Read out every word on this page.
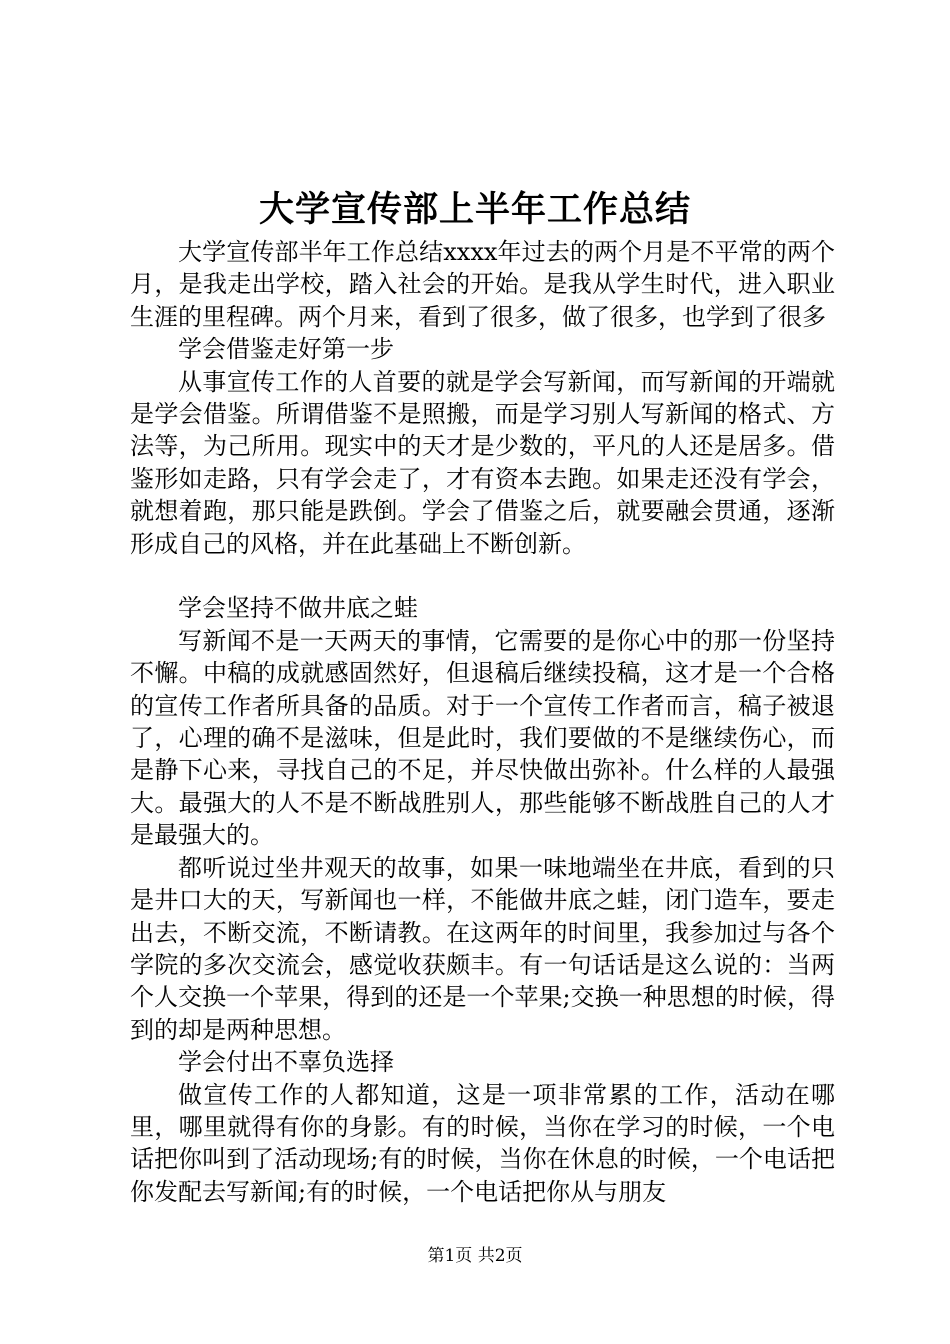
大学宣传部上半年工作总结

大学宣传部半年工作总结xxxx年过去的两个月是不平常的两个月，是我走出学校，踏入社会的开始。是我从学生时代，进入职业生涯的里程碑。两个月来，看到了很多，做了很多，也学到了很多

学会借鉴走好第一步

从事宣传工作的人首要的就是学会写新闻，而写新闻的开端就是学会借鉴。所谓借鉴不是照搬，而是学习别人写新闻的格式、方法等，为己所用。现实中的天才是少数的，平凡的人还是居多。借鉴形如走路，只有学会走了，才有资本去跑。如果走还没有学会，就想着跑，那只能是跌倒。学会了借鉴之后，就要融会贯通，逐渐形成自己的风格，并在此基础上不断创新。

学会坚持不做井底之蛙

写新闻不是一天两天的事情，它需要的是你心中的那一份坚持不懈。中稿的成就感固然好，但退稿后继续投稿，这才是一个合格的宣传工作者所具备的品质。对于一个宣传工作者而言，稿子被退了，心理的确不是滋味，但是此时，我们要做的不是继续伤心，而是静下心来，寻找自己的不足，并尽快做出弥补。什么样的人最强大。最强大的人不是不断战胜别人，那些能够不断战胜自己的人才是最强大的。

都听说过坐井观天的故事，如果一味地端坐在井底，看到的只是井口大的天，写新闻也一样，不能做井底之蛙，闭门造车，要走出去，不断交流，不断请教。在这两年的时间里，我参加过与各个学院的多次交流会，感觉收获颇丰。有一句话话是这么说的：当两个人交换一个苹果，得到的还是一个苹果;交换一种思想的时候，得到的却是两种思想。

学会付出不辜负选择

做宣传工作的人都知道，这是一项非常累的工作，活动在哪里，哪里就得有你的身影。有的时候，当你在学习的时候，一个电话把你叫到了活动现场;有的时候，当你在休息的时候，一个电话把你发配去写新闻;有的时候，一个电话把你从与朋友

第1页 共2页
